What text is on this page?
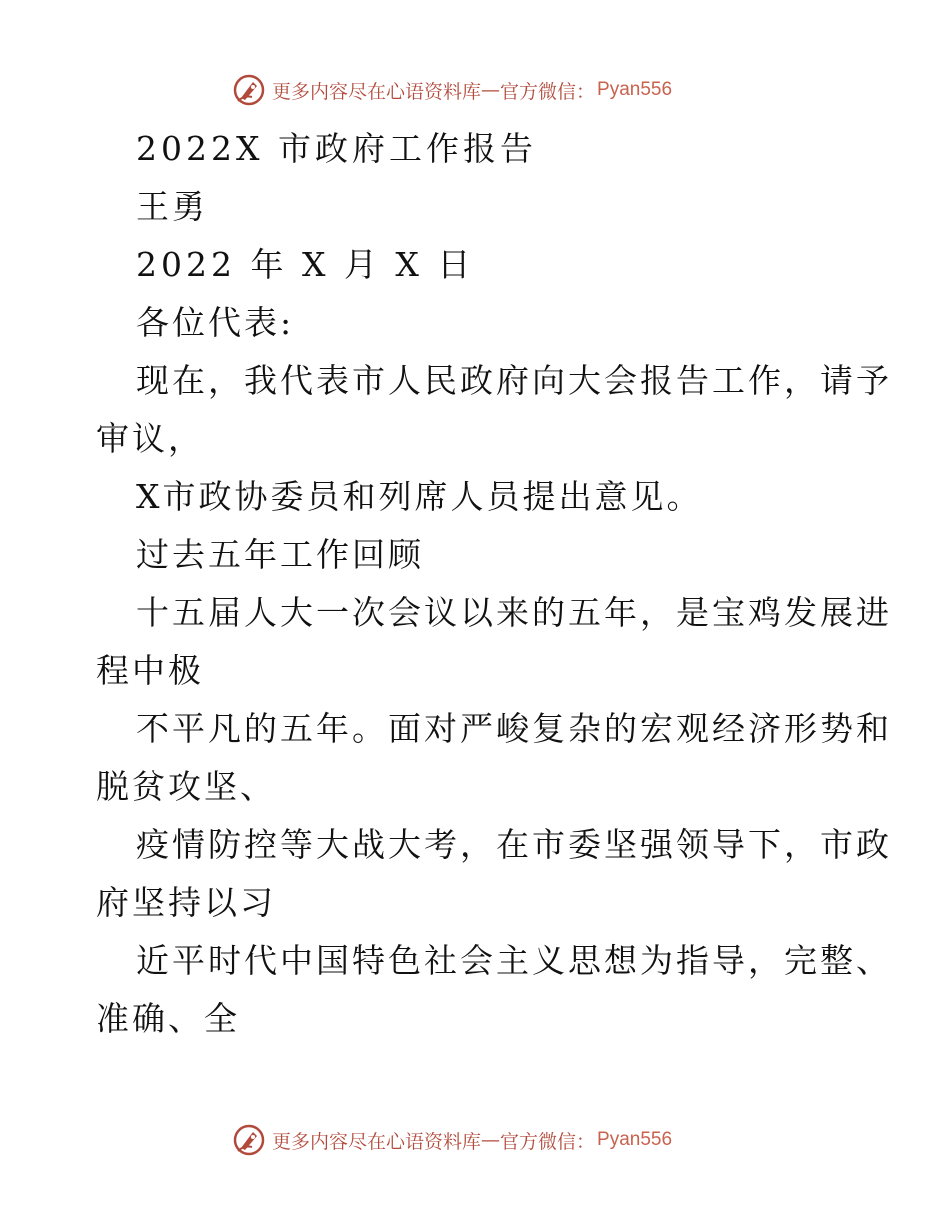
更多内容尽在心语资料库 — 官方微信： Pyan556
2022X 市政府工作报告
王勇
2022 年 X 月 X 日
各位代表:
现在，我代表市人民政府向大会报告工作，请予
审议，
X市政协委员和列席人员提出意见。
过去五年工作回顾
十五届人大一次会议以来的五年，是宝鸡发展进
程中极
不平凡的五年。面对严峻复杂的宏观经济形势和
脱贫攻坚、
疫情防控等大战大考，在市委坚强领导下，市政
府坚持以习
近平时代中国特色社会主义思想为指导，完整、
准确、全
更多内容尽在心语资料库 — 官方微信： Pyan556
